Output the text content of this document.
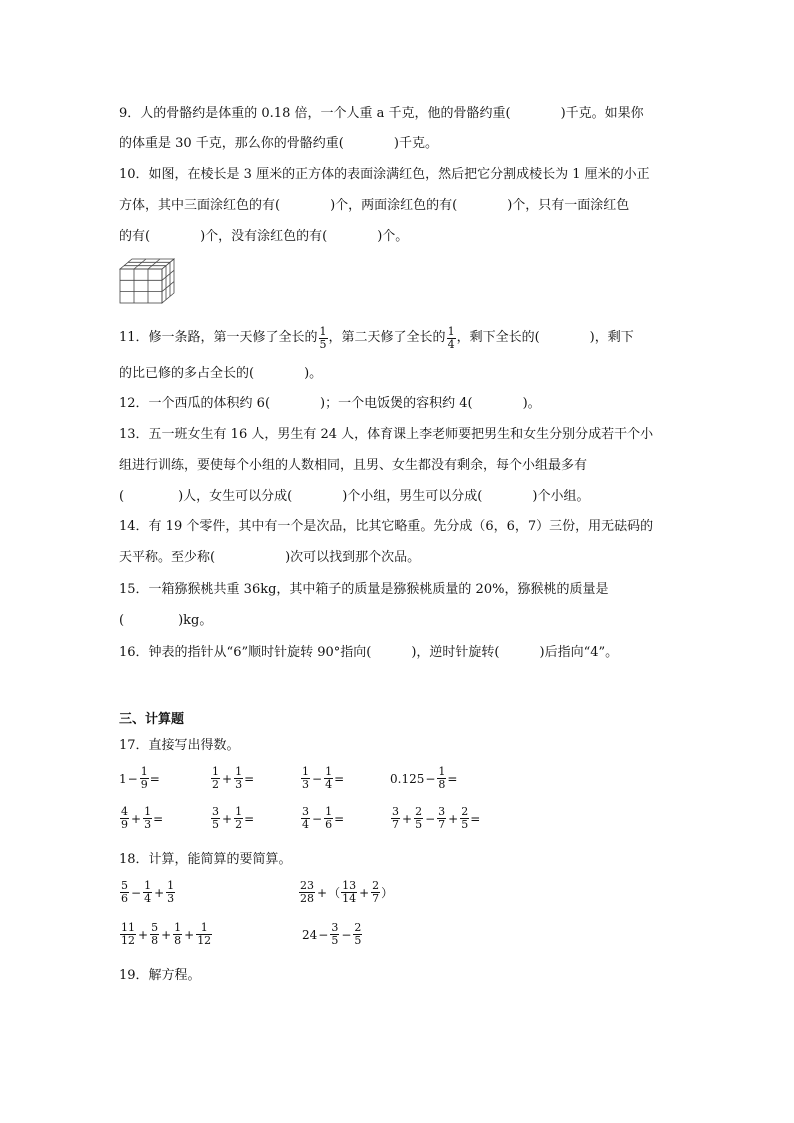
9．人的骨骼约是体重的 0.18 倍，一个人重 a 千克，他的骨骼约重(	)千克。如果你
的体重是 30 千克，那么你的骨骼约重(	)千克。
10．如图，在棱长是 3 厘米的正方体的表面涂满红色，然后把它分割成棱长为 1 厘米的小正
方体，其中三面涂红色的有(	)个，两面涂红色的有(	)个，只有一面涂红色
的有(	)个，没有涂红色的有(	)个。
11．修一条路，第一天修了全长的 $\frac{1}{5}$ ，第二天修了全长的 $\frac{1}{4}$ ，剩下全长的(	)，剩下
的比已修的多占全长的(	)。
12．一个西瓜的体积约 6(	)；一个电饭煲的容积约 4(	)。
13．五一班女生有 16 人，男生有 24 人，体育课上李老师要把男生和女生分别分成若干个小
组进行训练，要使每个小组的人数相同，且男、女生都没有剩余，每个小组最多有
(	)人，女生可以分成(	)个小组，男生可以分成(	)个小组。
14．有 19 个零件，其中有一个是次品，比其它略重。先分成（6，6，7）三份，用无砝码的
天平称。至少称(	)次可以找到那个次品。
15．一箱猕猴桃共重 36kg，其中箱子的质量是猕猴桃质量的 20%，猕猴桃的质量是
(	)kg。
16．钟表的指针从“6”顺时针旋转 90°指向(	)，逆时针旋转(	)后指向“4”。
三、计算题
17．直接写出得数。
$1 - \frac{1}{9}$ =	$\frac{1}{2} + \frac{1}{3}$ =	$\frac{1}{3} - \frac{1}{4}$ =	$0.125 - \frac{1}{8}$ =
$\frac{4}{9} + \frac{1}{3}$ =	$\frac{3}{5} + \frac{1}{2}$ =	$\frac{3}{4} - \frac{1}{6}$ =	$\frac{3}{7} + \frac{2}{5} - \frac{3}{7} + \frac{2}{5}$ =
18．计算，能简算的要简算。
$\frac{5}{6} - \frac{1}{4} + \frac{1}{3}$	$\frac{23}{28}$ + （ $\frac{13}{14} + \frac{2}{7}$ ）
$\frac{11}{12} + \frac{5}{8} + \frac{1}{8} + \frac{1}{12}$	$24 - \frac{3}{5} - \frac{2}{5}$
19．解方程。
